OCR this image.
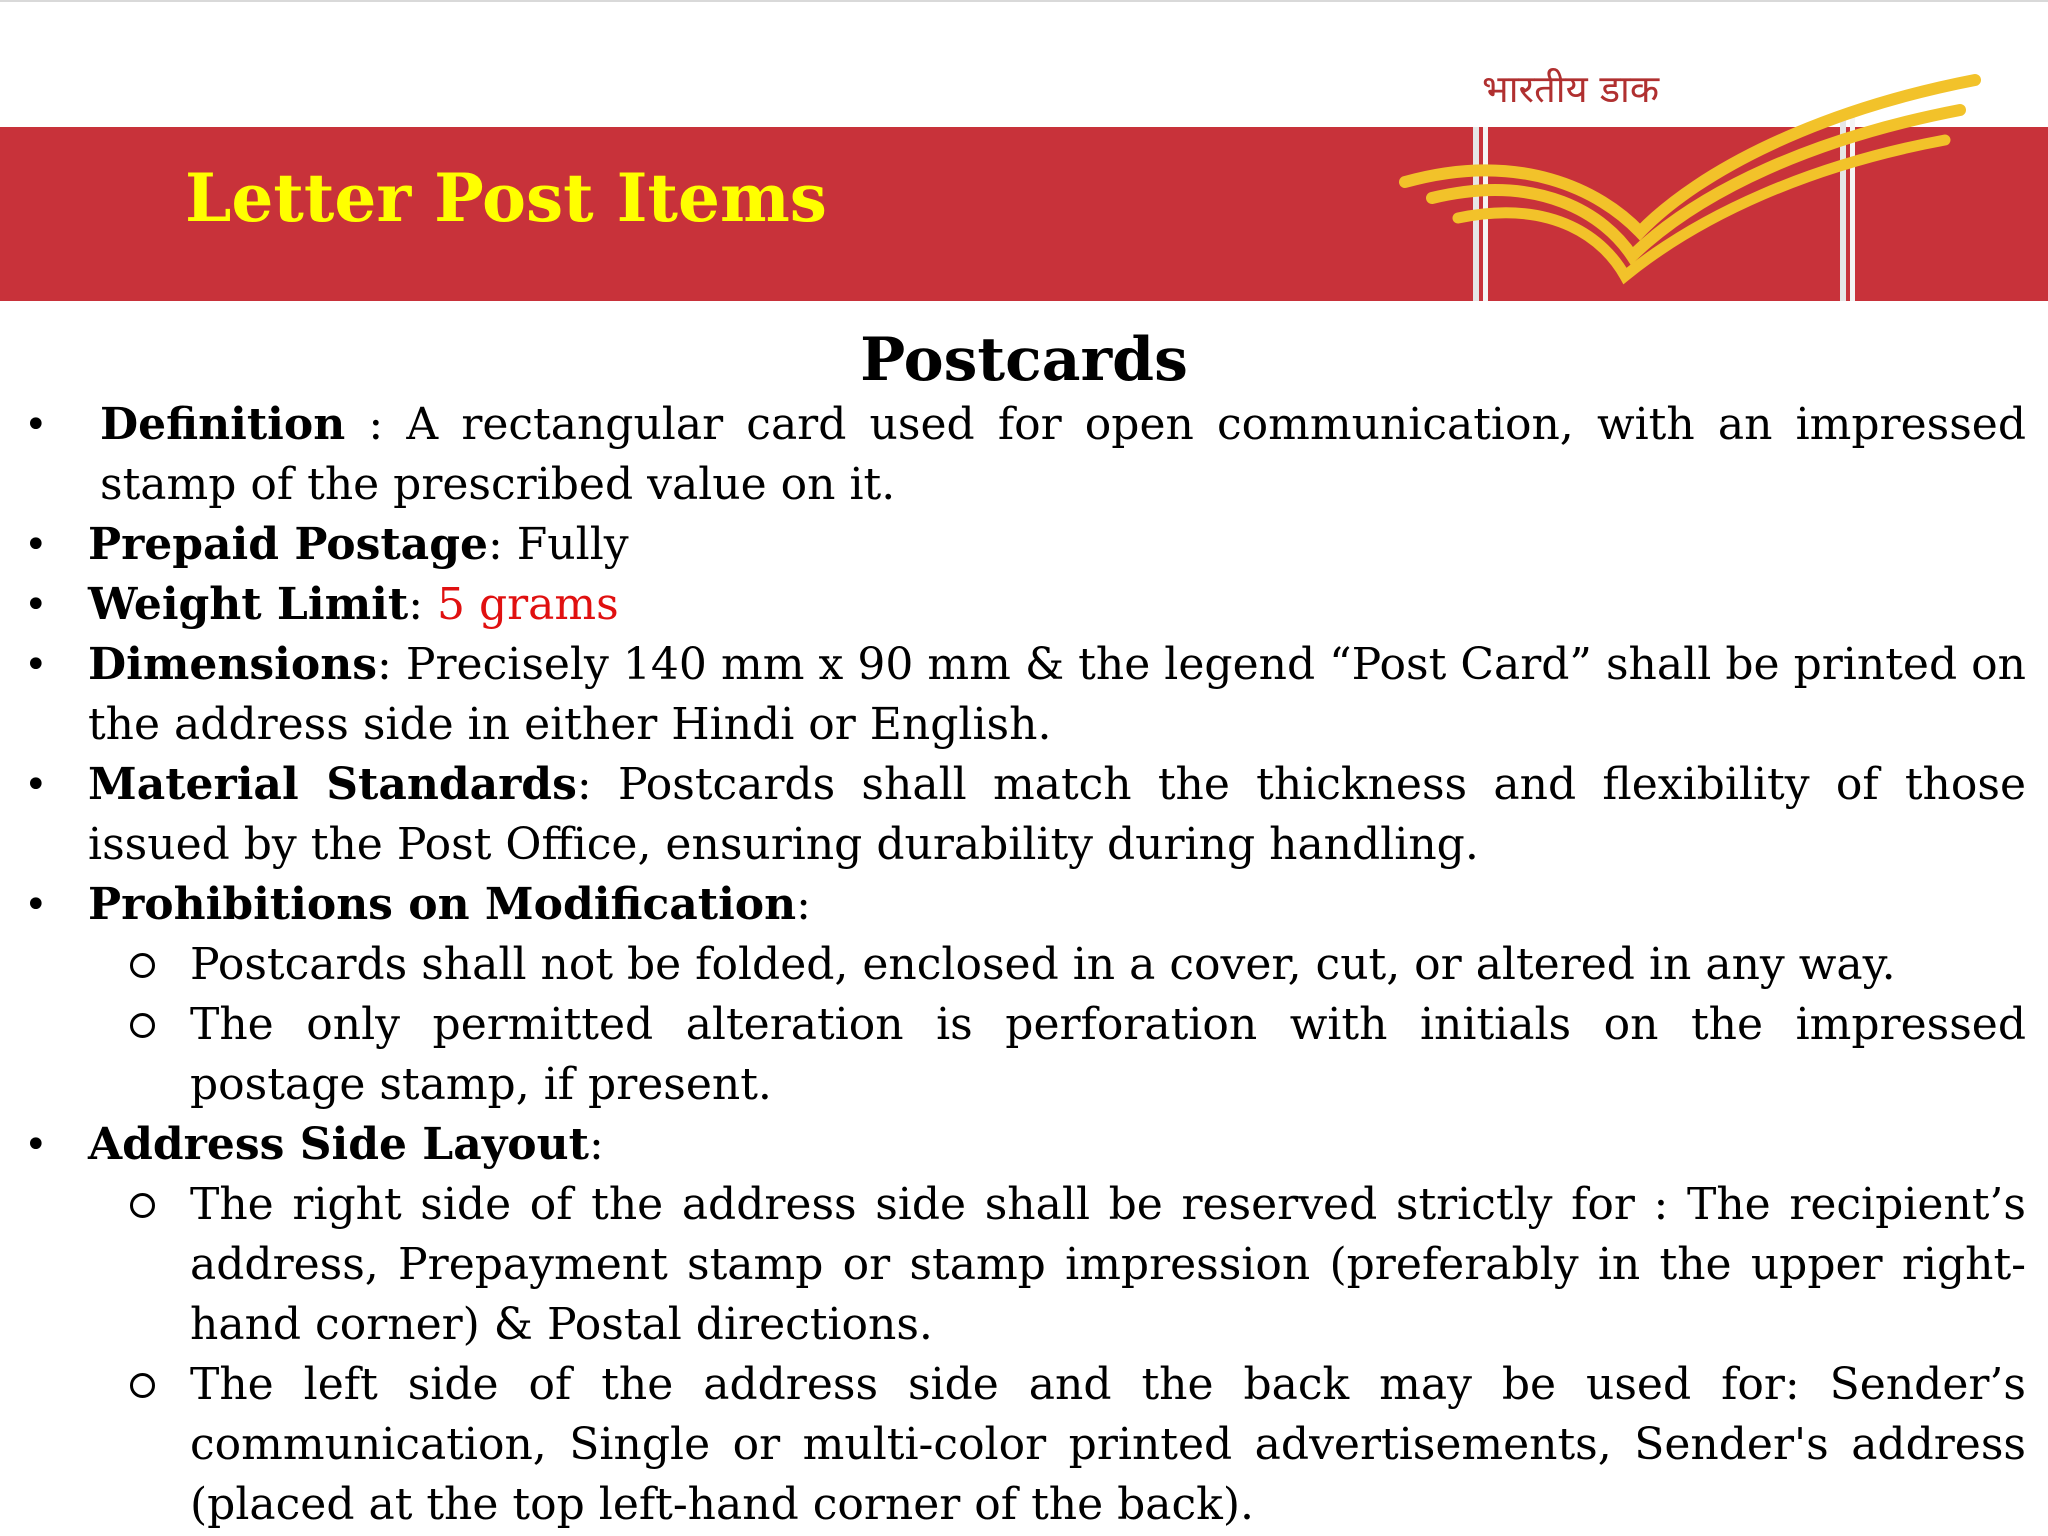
Letter Post Items
भारतीय डाक
Postcards
• Definition : A rectangular card used for open communication, with an impressed stamp of the prescribed value on it.

• Prepaid Postage: Fully

• Weight Limit: 5 grams

• Dimensions: Precisely 140 mm x 90 mm & the legend “Post Card” shall be printed on the address side in either Hindi or English.

• Material Standards: Postcards shall match the thickness and flexibility of those issued by the Post Office, ensuring durability during handling.

• Prohibitions on Modification:

Postcards shall not be folded, enclosed in a cover, cut, or altered in any way.

The only permitted alteration is perforation with initials on the impressed postage stamp, if present.

• Address Side Layout:

The right side of the address side shall be reserved strictly for : The recipient’s address, Prepayment stamp or stamp impression (preferably in the upper right-hand corner) & Postal directions.

The left side of the address side and the back may be used for: Sender’s communication, Single or multi-color printed advertisements, Sender's address (placed at the top left-hand corner of the back).
